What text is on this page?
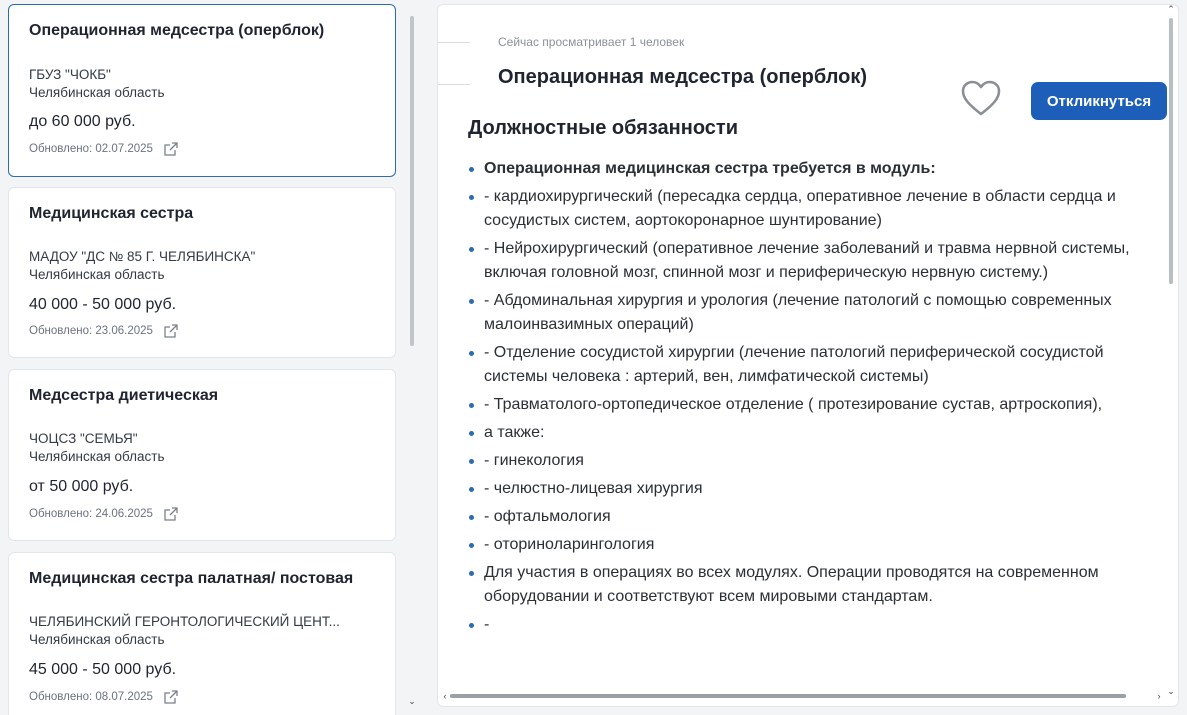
Операционная медсестра (оперблок)
ГБУЗ "ЧОКБ"
Челябинская область
до 60 000 руб.
Обновлено: 02.07.2025
Медицинская сестра
МАДОУ "ДС № 85 Г. ЧЕЛЯБИНСКА"
Челябинская область
40 000 - 50 000 руб.
Обновлено: 23.06.2025
Медсестра диетическая
ЧОЦСЗ "СЕМЬЯ"
Челябинская область
от 50 000 руб.
Обновлено: 24.06.2025
Медицинская сестра палатная/ постовая
ЧЕЛЯБИНСКИЙ ГЕРОНТОЛОГИЧЕСКИЙ ЦЕНТ...
Челябинская область
45 000 - 50 000 руб.
Обновлено: 08.07.2025	⌄
Сейчас просматривает 1 человек
Операционная медсестра (оперблок)
Откликнуться
Должностные обязанности
Операционная медицинская сестра требуется в модуль:
- кардиохирургический (пересадка сердца, оперативное лечение в области сердца и сосудистых систем, аортокоронарное шунтирование)
- Нейрохирургический (оперативное лечение заболеваний и травма нервной системы, включая головной мозг, спинной мозг и периферическую нервную систему.)
- Абдоминальная хирургия и урология (лечение патологий с помощью современных малоинвазимных операций)
- Отделение сосудистой хирургии (лечение патологий периферической сосудистой системы человека : артерий, вен, лимфатической системы)
- Травматолого-ортопедическое отделение ( протезирование сустав, артроскопия),
а также:
- гинекология
- челюстно-лицевая хирургия
- офтальмология
- оториноларингология
Для участия в операциях во всех модулях. Операции проводятся на современном оборудовании и соответствуют всем мировыми стандартам.
-
⌃
⌄
‹	›
